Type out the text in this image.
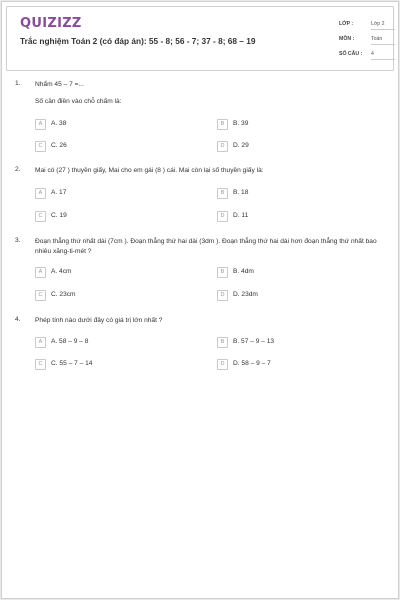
QUIZIZZ
Trắc nghiệm Toán 2 (có đáp án): 55 - 8; 56 - 7; 37 - 8; 68 – 19
LỚP :	Lớp 2
MÔN :	Toán
SỐ CÂU : 4
1. Nhẩm 45 – 7 =...
Số cần điền vào chỗ chấm là:
A	A. 38	B	B. 39
C	C. 26	D	D. 29
2. Mai có (27 ) thuyền giấy, Mai cho em gái (8 ) cái. Mai còn lại số thuyền giấy là:
A	A. 17	B	B. 18
C	C. 19	D	D. 11
3. Đoạn thẳng thứ nhất dài (7cm ). Đoạn thẳng thứ hai dài (3dm ). Đoạn thẳng thứ hai dài hơn đoạn thẳng thứ nhất bao nhiêu xăng-ti-mét ?
A	A. 4cm	B	B. 4dm
C	C. 23cm	D	D. 23dm
4. Phép tính nào dưới đây có giá trị lớn nhất ?
A	A. 58 – 9 – 8	B	B. 57 – 9 – 13
C	C. 55 – 7 – 14	D	D. 58 – 9 – 7
